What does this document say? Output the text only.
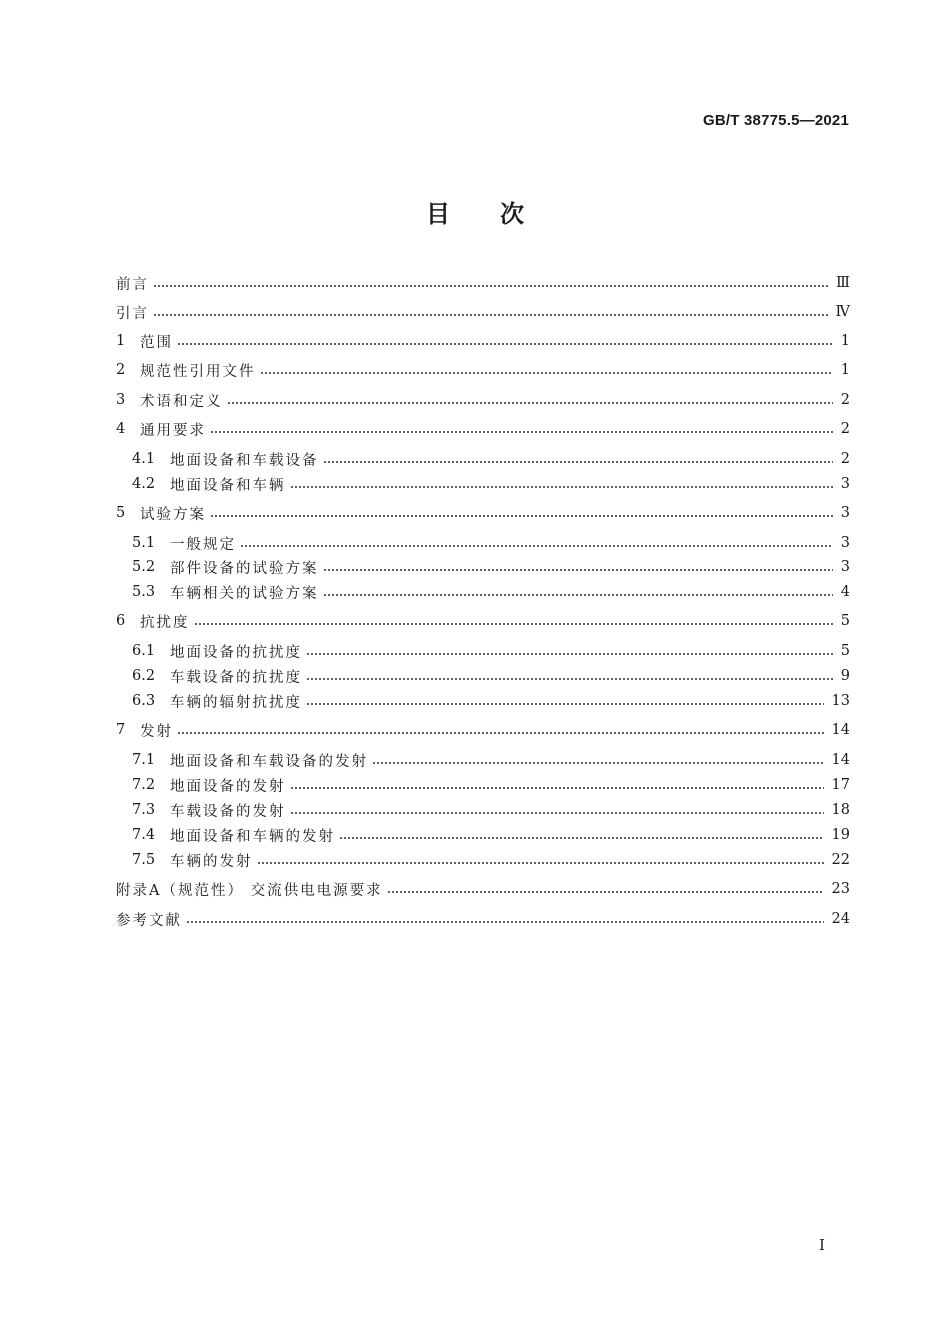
GB/T 38775.5—2021
目次
前言	Ⅲ
引言	Ⅳ
1	范围	1
2	规范性引用文件	1
3	术语和定义	2
4	通用要求	2
4.1	地面设备和车载设备	2
4.2	地面设备和车辆	3
5	试验方案	3
5.1	一般规定	3
5.2	部件设备的试验方案	3
5.3	车辆相关的试验方案	4
6	抗扰度	5
6.1	地面设备的抗扰度	5
6.2	车载设备的抗扰度	9
6.3	车辆的辐射抗扰度	13
7	发射	14
7.1	地面设备和车载设备的发射	14
7.2	地面设备的发射	17
7.3	车载设备的发射	18
7.4	地面设备和车辆的发射	19
7.5	车辆的发射	22
附录A（规范性） 交流供电电源要求	23
参考文献	24
I
